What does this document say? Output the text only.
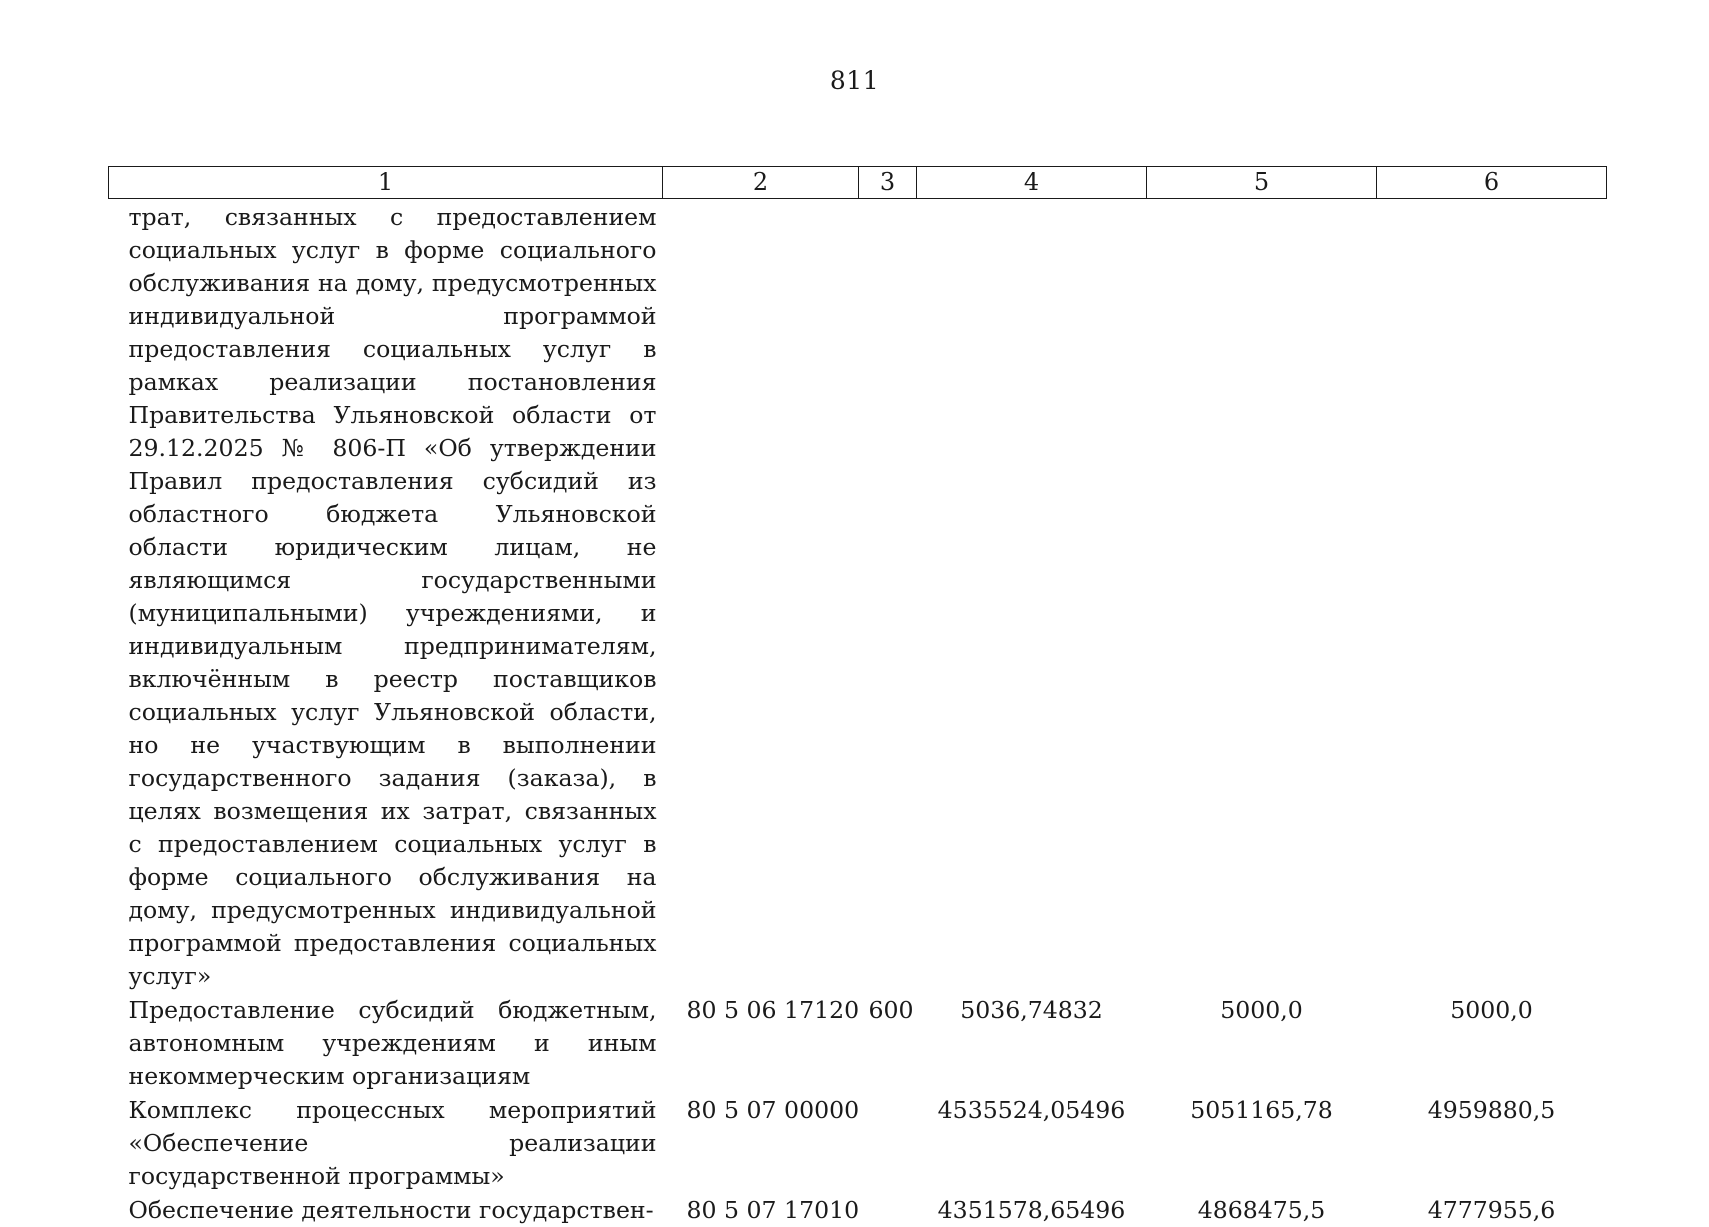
811
1	2	3	4	5	6
трат, связанных с предоставлением социальных услуг в форме социального обслуживания на дому, предусмотренных индивидуальной программой предоставления социальных услуг в рамках реализации постановления Правительства Ульяновской области от 29.12.2025 № 806-П «Об утверждении Правил предоставления субсидий из областного бюджета Ульяновской области юридическим лицам, не являющимся государственными (муниципальными) учреждениями, и индивидуальным предпринимателям, включённым в реестр поставщиков социальных услуг Ульяновской области, но не участвующим в выполнении государственного задания (заказа), в целях возмещения их затрат, связанных с предоставлением социальных услуг в форме социального обслуживания на дому, предусмотренных индивидуальной программой предоставления социальных услуг»					
Предоставление субсидий бюджетным, автономным учреждениям и иным некоммерческим организациям	80 5 06 17120	600	5036,74832	5000,0	5000,0
Комплекс процессных мероприятий «Обеспечение реализации государственной программы»	80 5 07 00000		4535524,05496	5051165,78	4959880,5
Обеспечение деятельности государствен-	80 5 07 17010		4351578,65496	4868475,5	4777955,6
